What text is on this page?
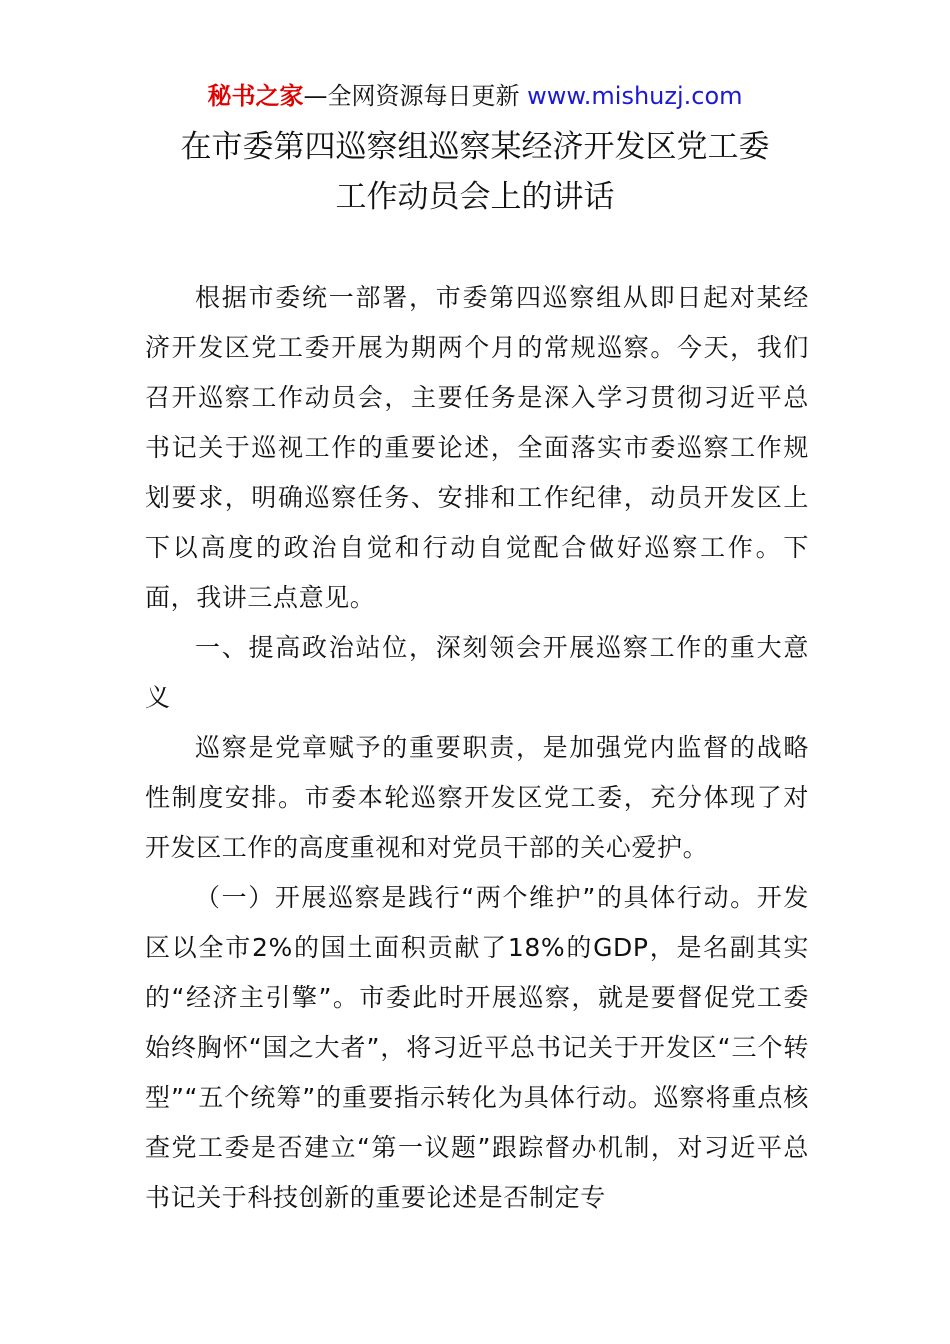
秘书之家—全网资源每日更新 www.mishuzj.com
在市委第四巡察组巡察某经济开发区党工委
工作动员会上的讲话

根据市委统一部署，市委第四巡察组从即日起对某经济开发区党工委开展为期两个月的常规巡察。今天，我们召开巡察工作动员会，主要任务是深入学习贯彻习近平总书记关于巡视工作的重要论述，全面落实市委巡察工作规划要求，明确巡察任务、安排和工作纪律，动员开发区上下以高度的政治自觉和行动自觉配合做好巡察工作。下面，我讲三点意见。

一、提高政治站位，深刻领会开展巡察工作的重大意义

巡察是党章赋予的重要职责，是加强党内监督的战略性制度安排。市委本轮巡察开发区党工委，充分体现了对开发区工作的高度重视和对党员干部的关心爱护。

（一）开展巡察是践行“两个维护”的具体行动。开发区以全市2%的国土面积贡献了18%的GDP，是名副其实的“经济主引擎”。市委此时开展巡察，就是要督促党工委始终胸怀“国之大者”，将习近平总书记关于开发区“三个转型”“五个统筹”的重要指示转化为具体行动。巡察将重点核查党工委是否建立“第一议题”跟踪督办机制，对习近平总书记关于科技创新的重要论述是否制定专
